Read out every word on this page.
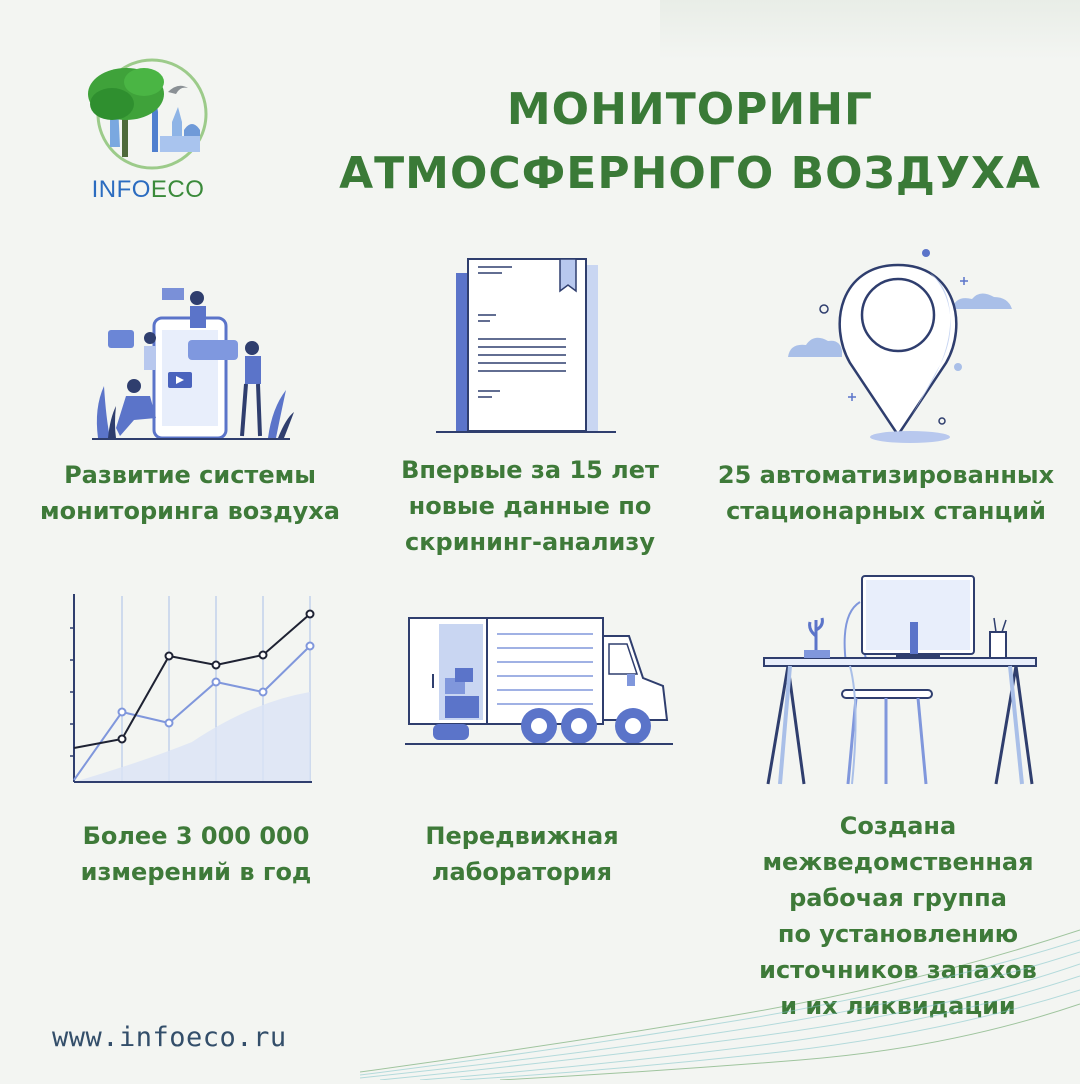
INFOECO
МОНИТОРИНГ
АТМОСФЕРНОГО ВОЗДУХА
Развитие системы
мониторинга воздуха
Впервые за 15 лет
новые данные по
скрининг-анализу
25 автоматизированных
стационарных станций
Более 3 000 000
измерений в год
Передвижная
лаборатория
Создана
межведомственная
рабочая группа
по установлению
источников запахов
и их ликвидации
www.infoeco.ru
